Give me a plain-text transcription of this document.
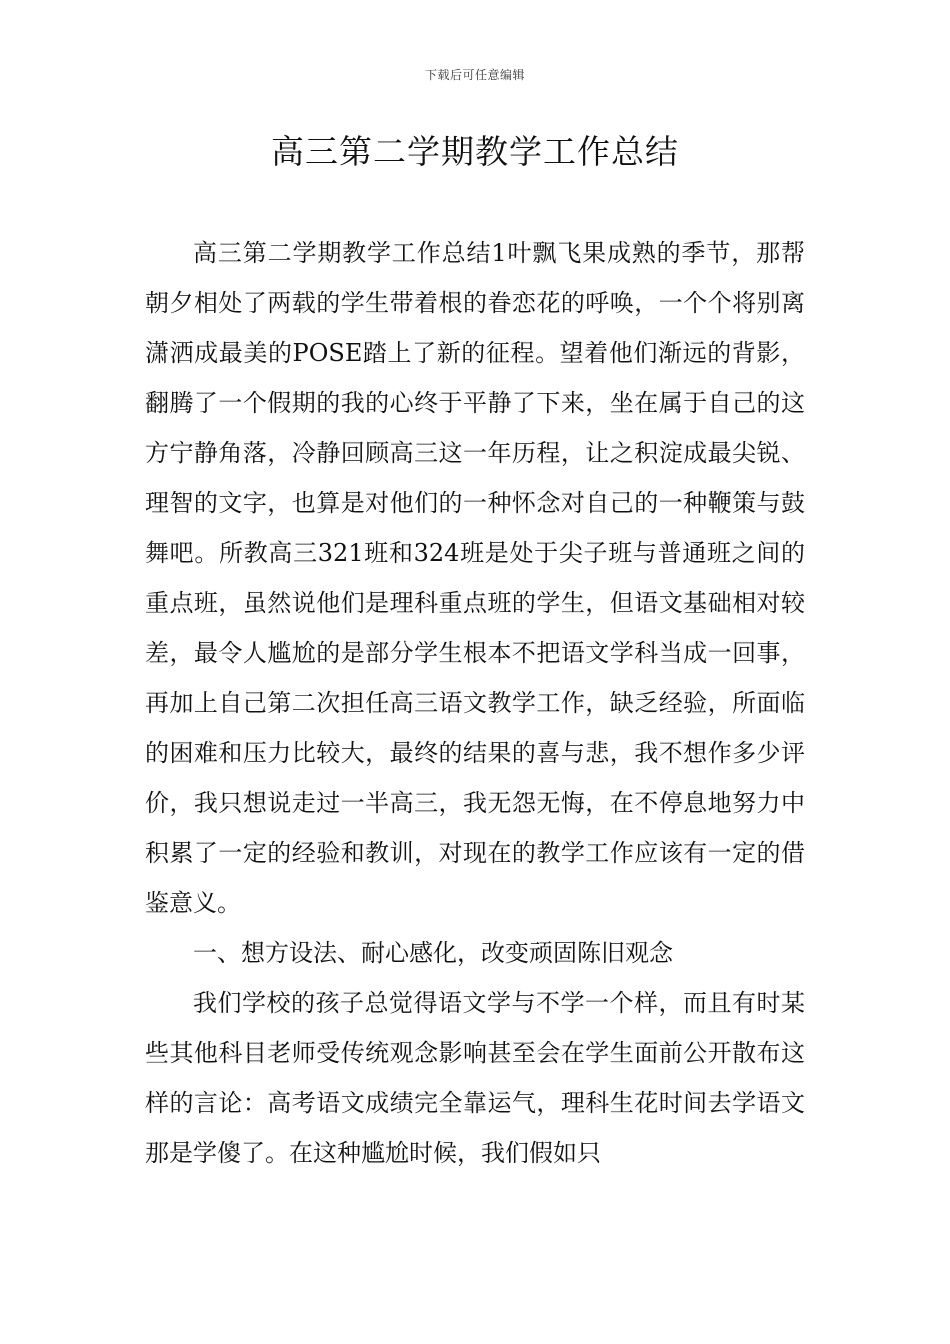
下载后可任意编辑
高三第二学期教学工作总结

高三第二学期教学工作总结1叶飘飞果成熟的季节，那帮朝夕相处了两载的学生带着根的眷恋花的呼唤，一个个将别离潇洒成最美的POSE踏上了新的征程。望着他们渐远的背影，翻腾了一个假期的我的心终于平静了下来，坐在属于自己的这方宁静角落，冷静回顾高三这一年历程，让之积淀成最尖锐、理智的文字，也算是对他们的一种怀念对自己的一种鞭策与鼓舞吧。所教高三321班和324班是处于尖子班与普通班之间的重点班，虽然说他们是理科重点班的学生，但语文基础相对较差，最令人尴尬的是部分学生根本不把语文学科当成一回事，再加上自己第二次担任高三语文教学工作，缺乏经验，所面临的困难和压力比较大，最终的结果的喜与悲，我不想作多少评价，我只想说走过一半高三，我无怨无悔，在不停息地努力中积累了一定的经验和教训，对现在的教学工作应该有一定的借鉴意义。

一、想方设法、耐心感化，改变顽固陈旧观念

我们学校的孩子总觉得语文学与不学一个样，而且有时某些其他科目老师受传统观念影响甚至会在学生面前公开散布这样的言论：高考语文成绩完全靠运气，理科生花时间去学语文那是学傻了。在这种尴尬时候，我们假如只
